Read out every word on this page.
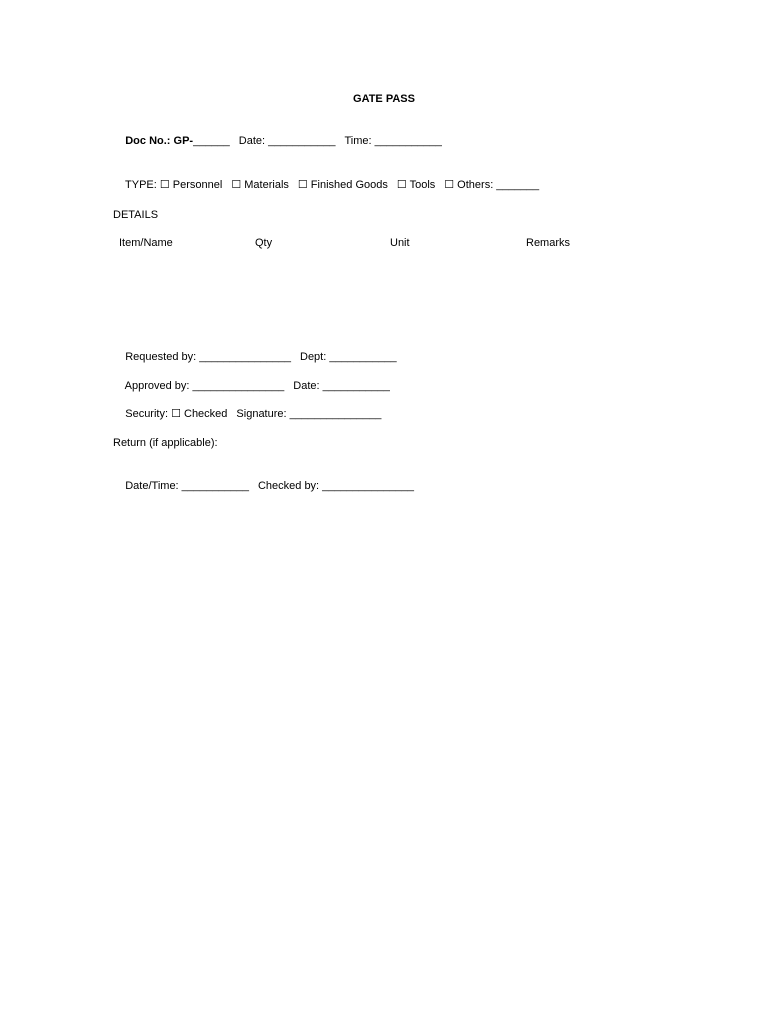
GATE PASS

Doc No.: GP-______ Date: ___________ Time: ___________

TYPE: ☐ Personnel ☐ Materials ☐ Finished Goods ☐ Tools ☐ Others: _______

DETAILS
Item/Name	Qty	Unit	Remarks

Requested by: _______________ Dept: ___________

Approved by: _______________ Date: ___________

Security: ☐ Checked Signature: _______________

Return (if applicable):

Date/Time: ___________ Checked by: _______________
